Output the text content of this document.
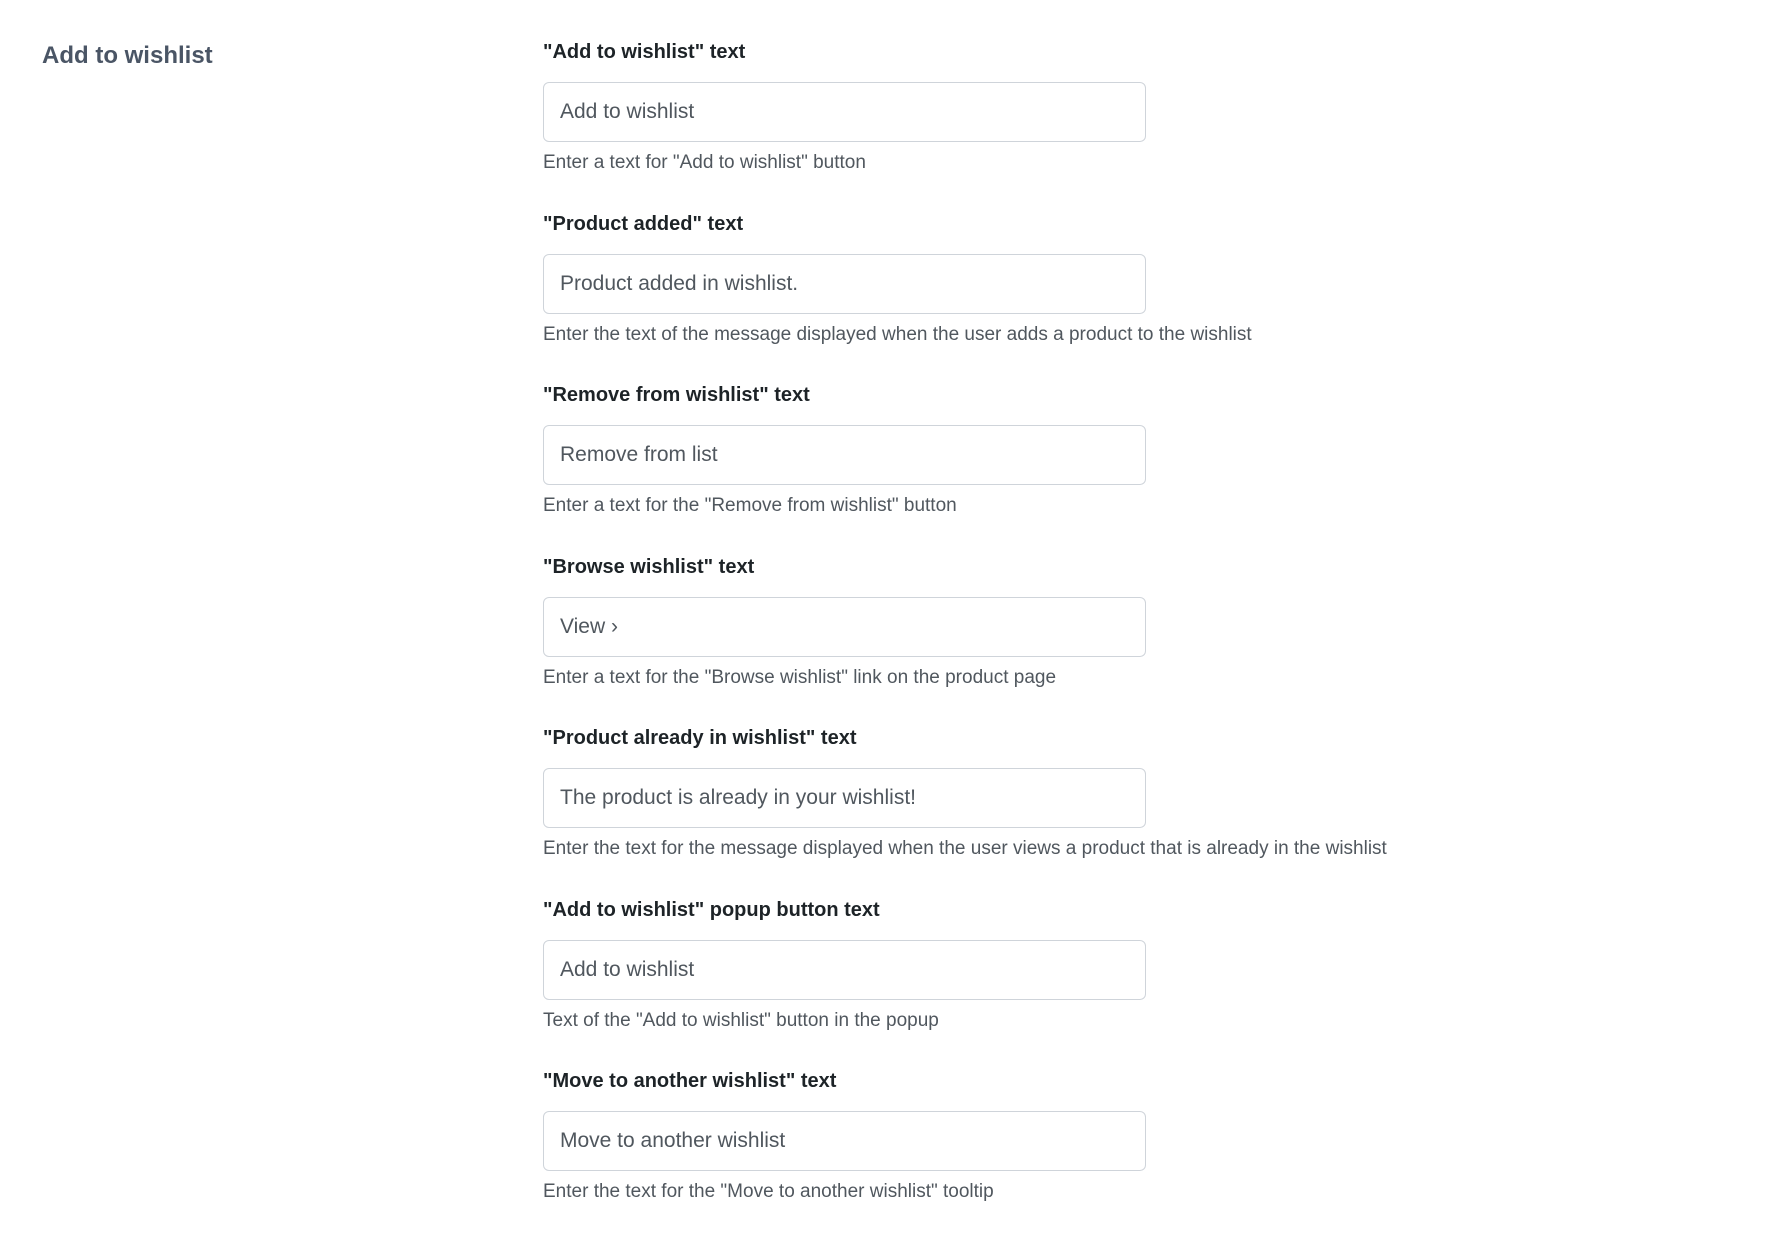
Add to wishlist	"Add to wishlist" text
Add to wishlist

Enter a text for "Add to wishlist" button

"Product added" text
Product added in wishlist.

Enter the text of the message displayed when the user adds a product to the wishlist

"Remove from wishlist" text
Remove from list

Enter a text for the "Remove from wishlist" button

"Browse wishlist" text
View ›

Enter a text for the "Browse wishlist" link on the product page

"Product already in wishlist" text
The product is already in your wishlist!

Enter the text for the message displayed when the user views a product that is already in the wishlist

"Add to wishlist" popup button text
Add to wishlist

Text of the "Add to wishlist" button in the popup

"Move to another wishlist" text
Move to another wishlist

Enter the text for the "Move to another wishlist" tooltip
